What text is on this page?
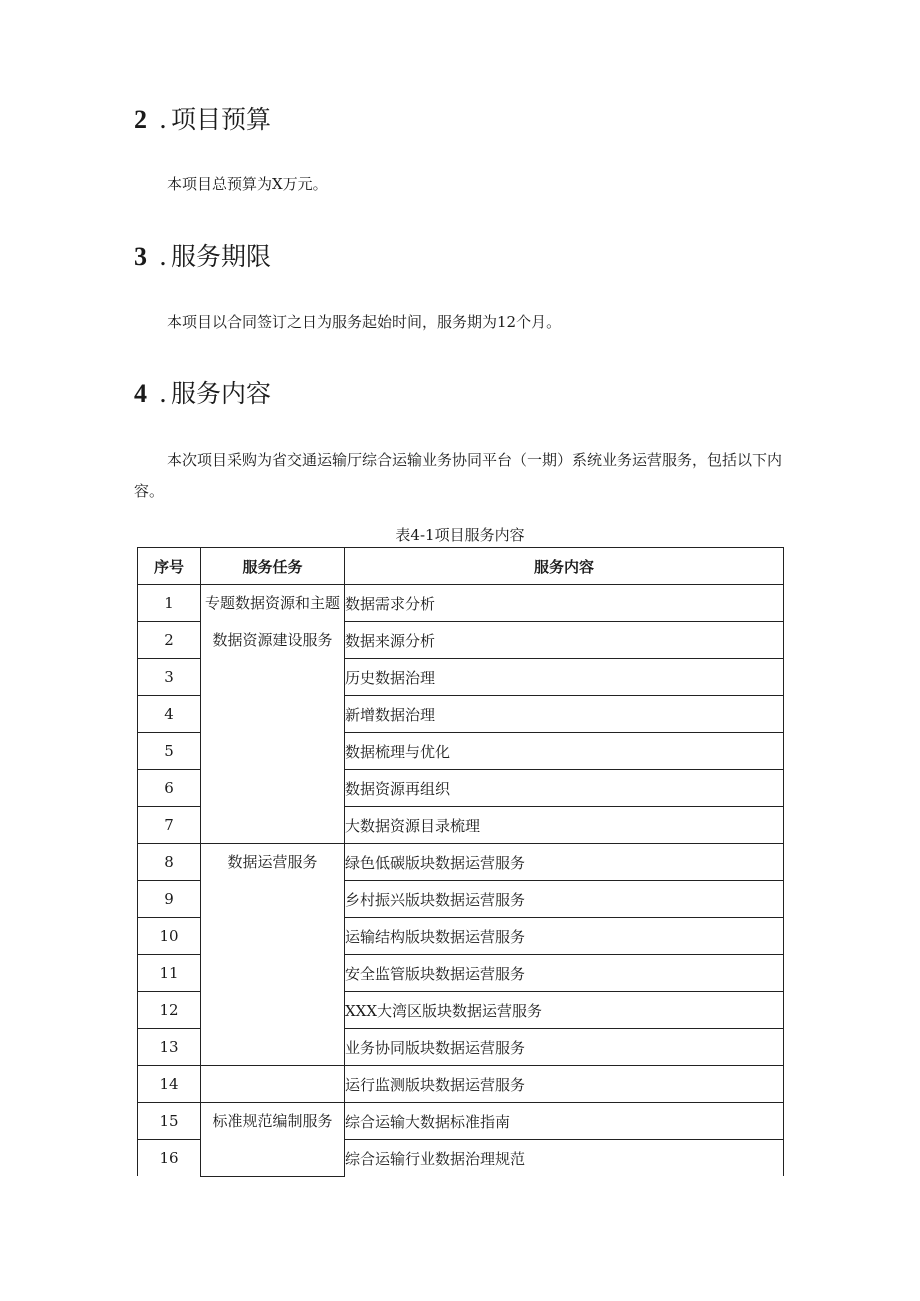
2 . 项目预算

本项目总预算为X万元。

3 . 服务期限

本项目以合同签订之日为服务起始时间，服务期为12个月。

4 . 服务内容

本次项目采购为省交通运输厅综合运输业务协同平台（一期）系统业务运营服务，包括以下内容。

表4-1项目服务内容
序号	服务任务	服务内容
1	专题数据资源和主题数据资源建设服务	数据需求分析
2		数据来源分析
3		历史数据治理
4		新增数据治理
5		数据梳理与优化
6		数据资源再组织
7		大数据资源目录梳理
8	数据运营服务	绿色低碳版块数据运营服务
9		乡村振兴版块数据运营服务
10		运输结构版块数据运营服务
11		安全监管版块数据运营服务
12		XXX大湾区版块数据运营服务
13		业务协同版块数据运营服务
14		运行监测版块数据运营服务
15	标准规范编制服务	综合运输大数据标准指南
16		综合运输行业数据治理规范
